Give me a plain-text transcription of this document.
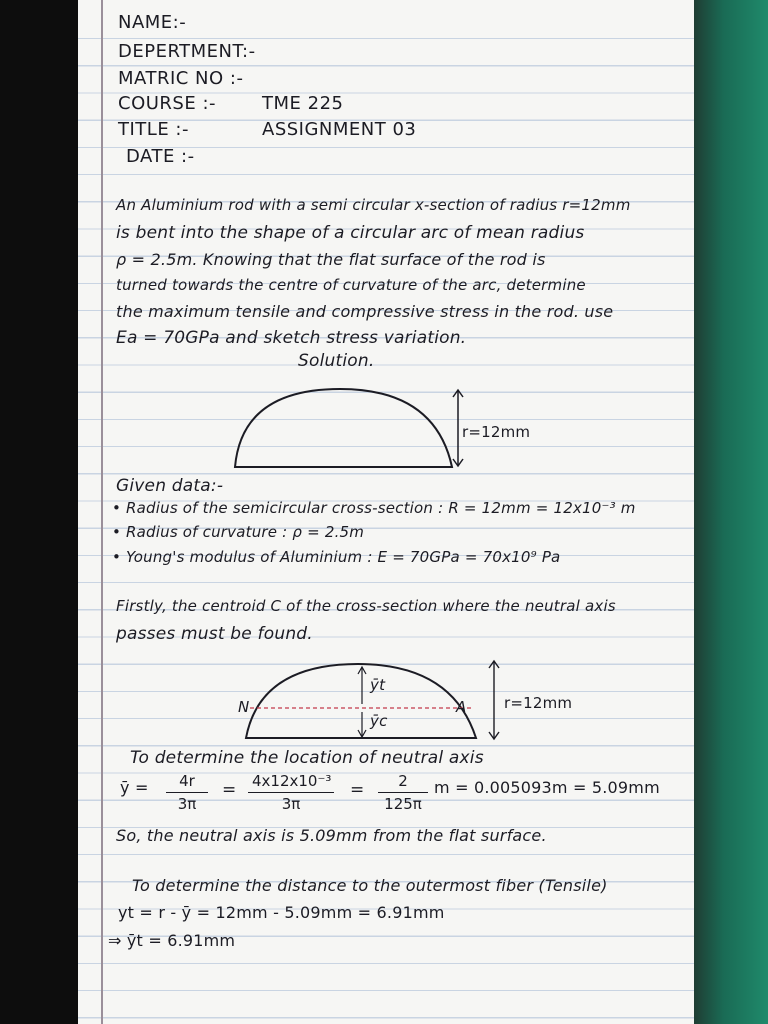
NAME:-
DEPERTMENT:-
MATRIC NO :-
COURSE :-	TME 225
TITLE :-	ASSIGNMENT 03
DATE :-
An Aluminium rod with a semi circular x-section of radius r=12mm
is bent into the shape of a circular arc of mean radius
ρ = 2.5m. Knowing that the flat surface of the rod is
turned towards the centre of curvature of the arc, determine
the maximum tensile and compressive stress in the rod. use
Ea = 70GPa and sketch stress variation.
Solution.
r=12mm
Given data:-
• Radius of the semicircular cross-section : R = 12mm = 12x10⁻³ m
• Radius of curvature : ρ = 2.5m
• Young's modulus of Aluminium : E = 70GPa = 70x10⁹ Pa
Firstly, the centroid C of the cross-section where the neutral axis
passes must be found.
N	A
ȳt
ȳc
r=12mm
To determine the location of neutral axis
ȳ = $\frac{4r}{3\pi} = \frac{\text{4x12x10⁻³}}{3\pi} = \frac{2}{125\pi}$ m = 0.005093m = 5.09mm
So, the neutral axis is 5.09mm from the flat surface.
To determine the distance to the outermost fiber (Tensile)
yt = r - ȳ = 12mm - 5.09mm = 6.91mm
⇒ ȳt = 6.91mm
